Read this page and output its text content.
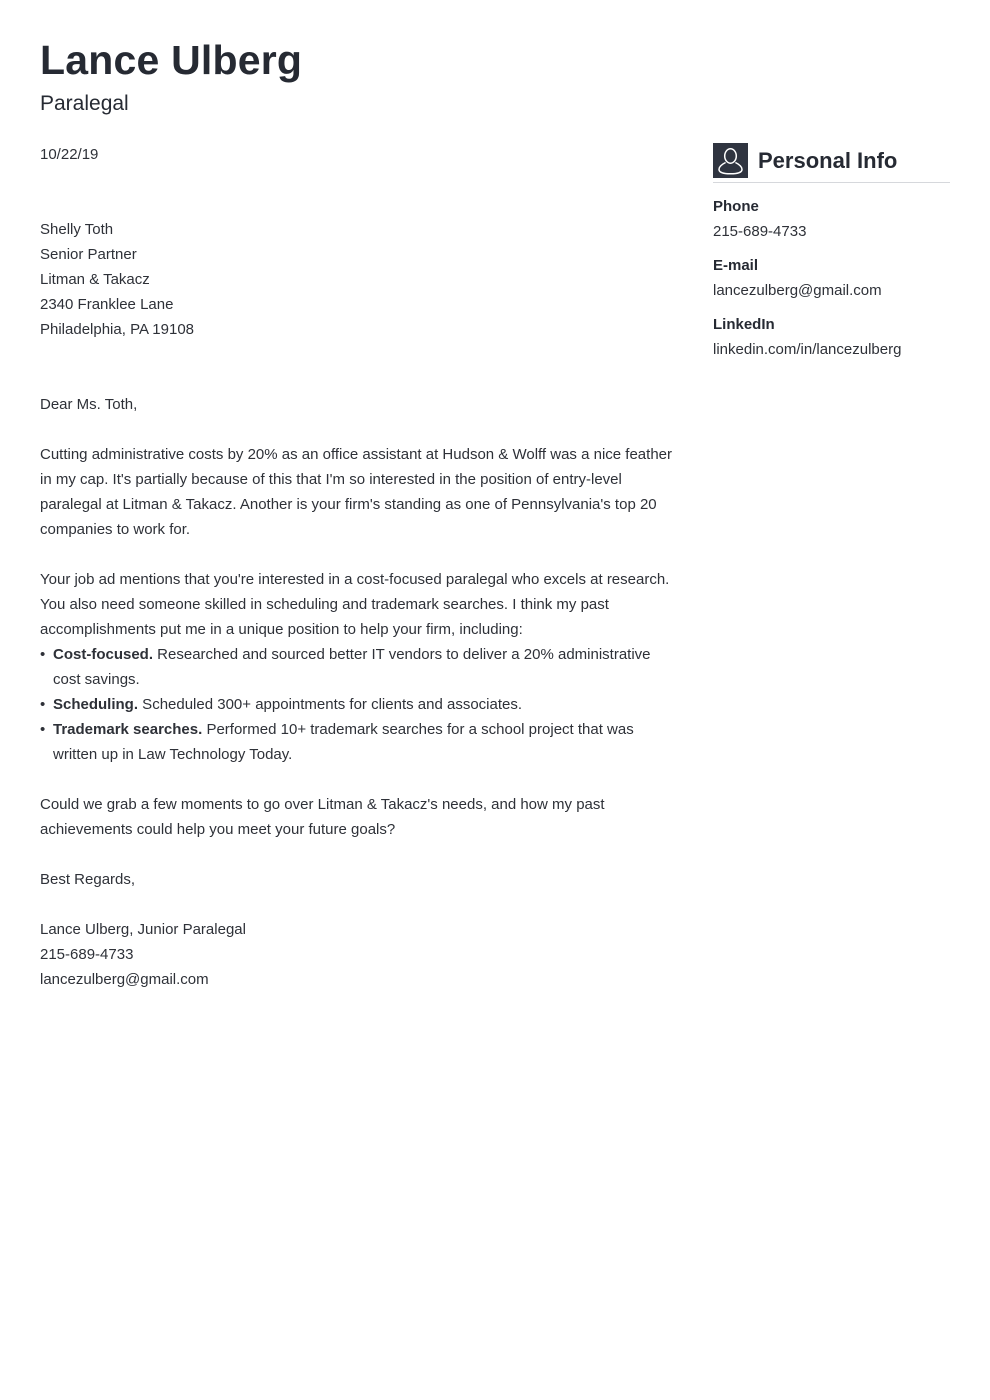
Lance Ulberg
Paralegal

10/22/19

Shelly Toth

Senior Partner

Litman & Takacz

2340 Franklee Lane

Philadelphia, PA 19108

Dear Ms. Toth,

Cutting administrative costs by 20% as an office assistant at Hudson & Wolff was a nice feather in my cap. It's partially because of this that I'm so interested in the position of entry-level paralegal at Litman & Takacz. Another is your firm's standing as one of Pennsylvania's top 20 companies to work for.

Your job ad mentions that you're interested in a cost-focused paralegal who excels at research. You also need someone skilled in scheduling and trademark searches. I think my past accomplishments put me in a unique position to help your firm, including:

• Cost-focused. Researched and sourced better IT vendors to deliver a 20% administrative cost savings.
• Scheduling. Scheduled 300+ appointments for clients and associates.
• Trademark searches. Performed 10+ trademark searches for a school project that was written up in Law Technology Today.

Could we grab a few moments to go over Litman & Takacz's needs, and how my past achievements could help you meet your future goals?

Best Regards,

Lance Ulberg, Junior Paralegal

215-689-4733

lancezulberg@gmail.com

Personal Info
Phone
215-689-4733
E-mail
lancezulberg@gmail.com
LinkedIn
linkedin.com/in/lancezulberg
